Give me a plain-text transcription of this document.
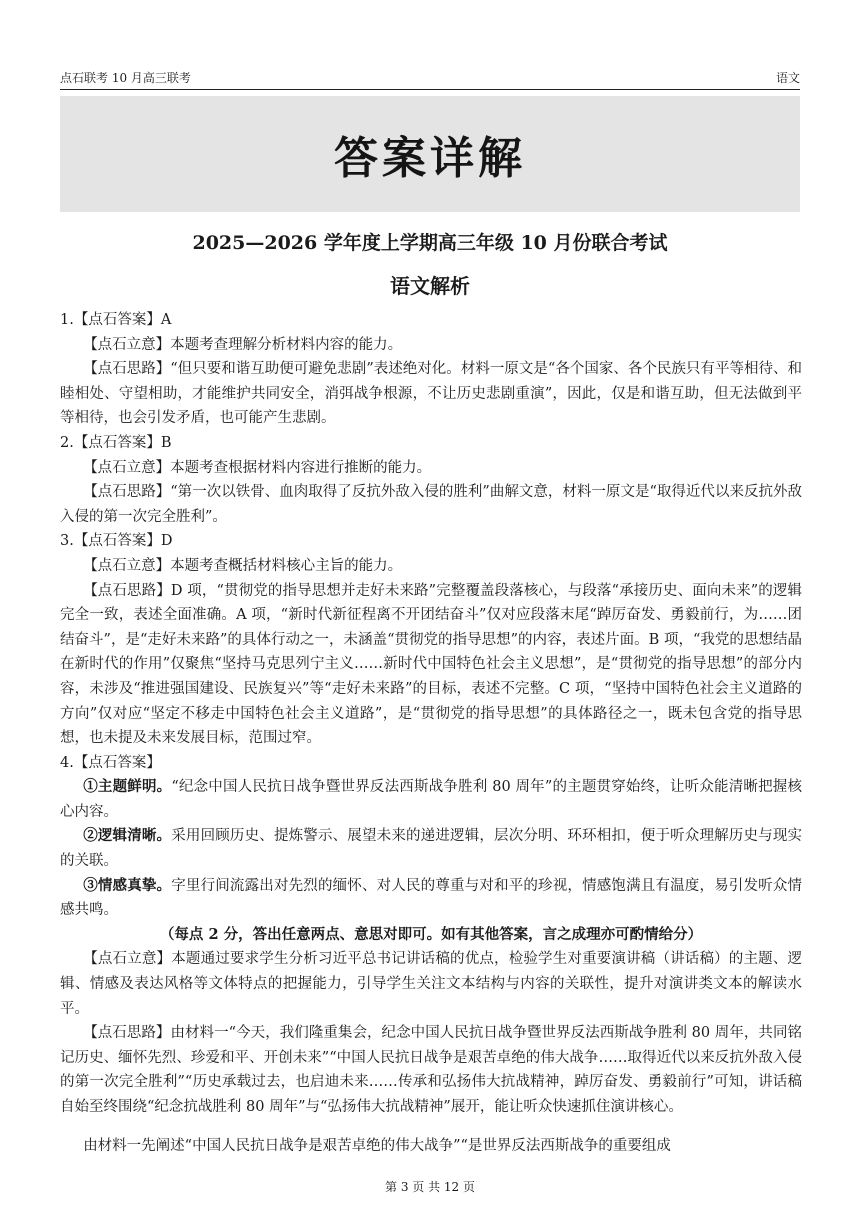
点石联考 10 月高三联考	语文
答案详解
2025—2026 学年度上学期高三年级 10 月份联合考试
语文解析

1.【点石答案】A

【点石立意】本题考查理解分析材料内容的能力。

【点石思路】“但只要和谐互助便可避免悲剧”表述绝对化。材料一原文是“各个国家、各个民族只有平等相待、和睦相处、守望相助，才能维护共同安全，消弭战争根源，不让历史悲剧重演”，因此，仅是和谐互助，但无法做到平等相待，也会引发矛盾，也可能产生悲剧。

2.【点石答案】B

【点石立意】本题考查根据材料内容进行推断的能力。

【点石思路】“第一次以铁骨、血肉取得了反抗外敌入侵的胜利”曲解文意，材料一原文是“取得近代以来反抗外敌入侵的第一次完全胜利”。

3.【点石答案】D

【点石立意】本题考查概括材料核心主旨的能力。

【点石思路】D 项，“贯彻党的指导思想并走好未来路”完整覆盖段落核心，与段落“承接历史、面向未来”的逻辑完全一致，表述全面准确。A 项，“新时代新征程离不开团结奋斗”仅对应段落末尾“踔厉奋发、勇毅前行，为……团结奋斗”，是“走好未来路”的具体行动之一，未涵盖“贯彻党的指导思想”的内容，表述片面。B 项，“我党的思想结晶在新时代的作用”仅聚焦“坚持马克思列宁主义……新时代中国特色社会主义思想”，是“贯彻党的指导思想”的部分内容，未涉及“推进强国建设、民族复兴”等“走好未来路”的目标，表述不完整。C 项，“坚持中国特色社会主义道路的方向”仅对应“坚定不移走中国特色社会主义道路”，是“贯彻党的指导思想”的具体路径之一，既未包含党的指导思想，也未提及未来发展目标，范围过窄。

4.【点石答案】

①主题鲜明。“纪念中国人民抗日战争暨世界反法西斯战争胜利 80 周年”的主题贯穿始终，让听众能清晰把握核心内容。

②逻辑清晰。采用回顾历史、提炼警示、展望未来的递进逻辑，层次分明、环环相扣，便于听众理解历史与现实的关联。

③情感真挚。字里行间流露出对先烈的缅怀、对人民的尊重与对和平的珍视，情感饱满且有温度，易引发听众情感共鸣。

（每点 2 分，答出任意两点、意思对即可。如有其他答案，言之成理亦可酌情给分）

【点石立意】本题通过要求学生分析习近平总书记讲话稿的优点，检验学生对重要演讲稿（讲话稿）的主题、逻辑、情感及表达风格等文体特点的把握能力，引导学生关注文本结构与内容的关联性，提升对演讲类文本的解读水平。

【点石思路】由材料一“今天，我们隆重集会，纪念中国人民抗日战争暨世界反法西斯战争胜利 80 周年，共同铭记历史、缅怀先烈、珍爱和平、开创未来”“中国人民抗日战争是艰苦卓绝的伟大战争……取得近代以来反抗外敌入侵的第一次完全胜利”“历史承载过去，也启迪未来……传承和弘扬伟大抗战精神，踔厉奋发、勇毅前行”可知，讲话稿自始至终围绕“纪念抗战胜利 80 周年”与“弘扬伟大抗战精神”展开，能让听众快速抓住演讲核心。

由材料一先阐述“中国人民抗日战争是艰苦卓绝的伟大战争”“是世界反法西斯战争的重要组成

第 3 页 共 12 页
